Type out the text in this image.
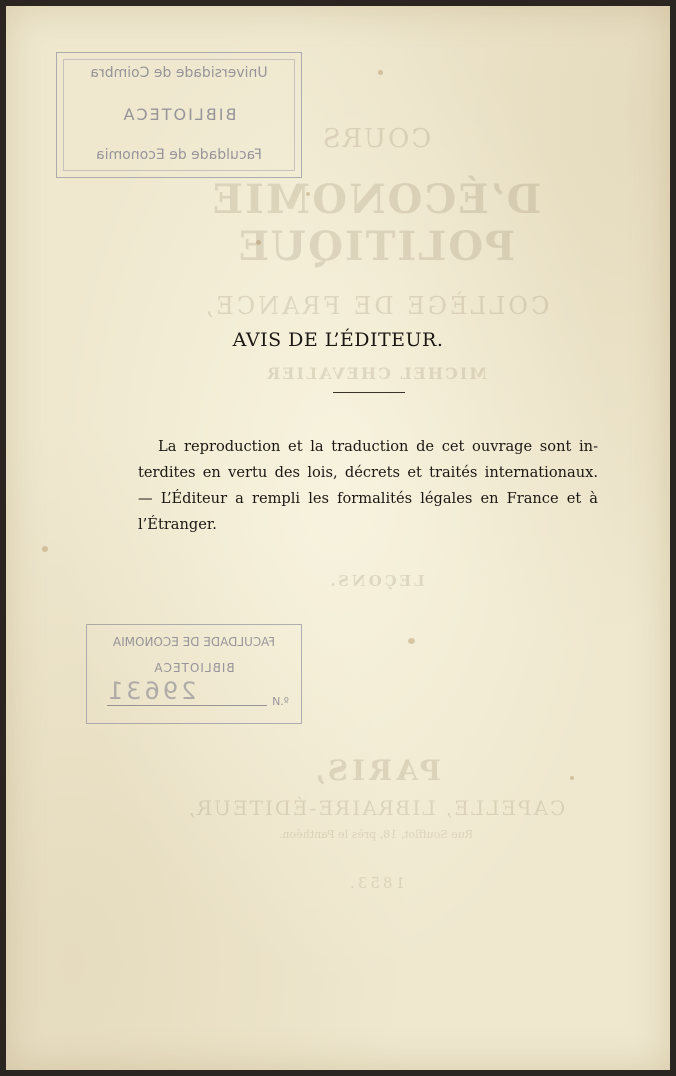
COURS
D’ÉCONOMIE POLITIQUE
COLLÈGE DE FRANCE,
MICHEL CHEVALIER
LEÇONS.
PARIS,
CAPELLE, LIBRAIRE-ÉDITEUR,
Rue Soufflot, 18, près le Panthéon.
1853.
Universidade de Coimbra
BIBLIOTECA
Faculdade de Economia
FACULDADE DE ECONOMIA
BIBLIOTECA
29631	N.º
AVIS DE L’ÉDITEUR.
La reproduction et la traduction de cet ouvrage sont in-
terdites en vertu des lois, décrets et traités internationaux.
— L’Éditeur a rempli les formalités légales en France et à
l’Étranger.
